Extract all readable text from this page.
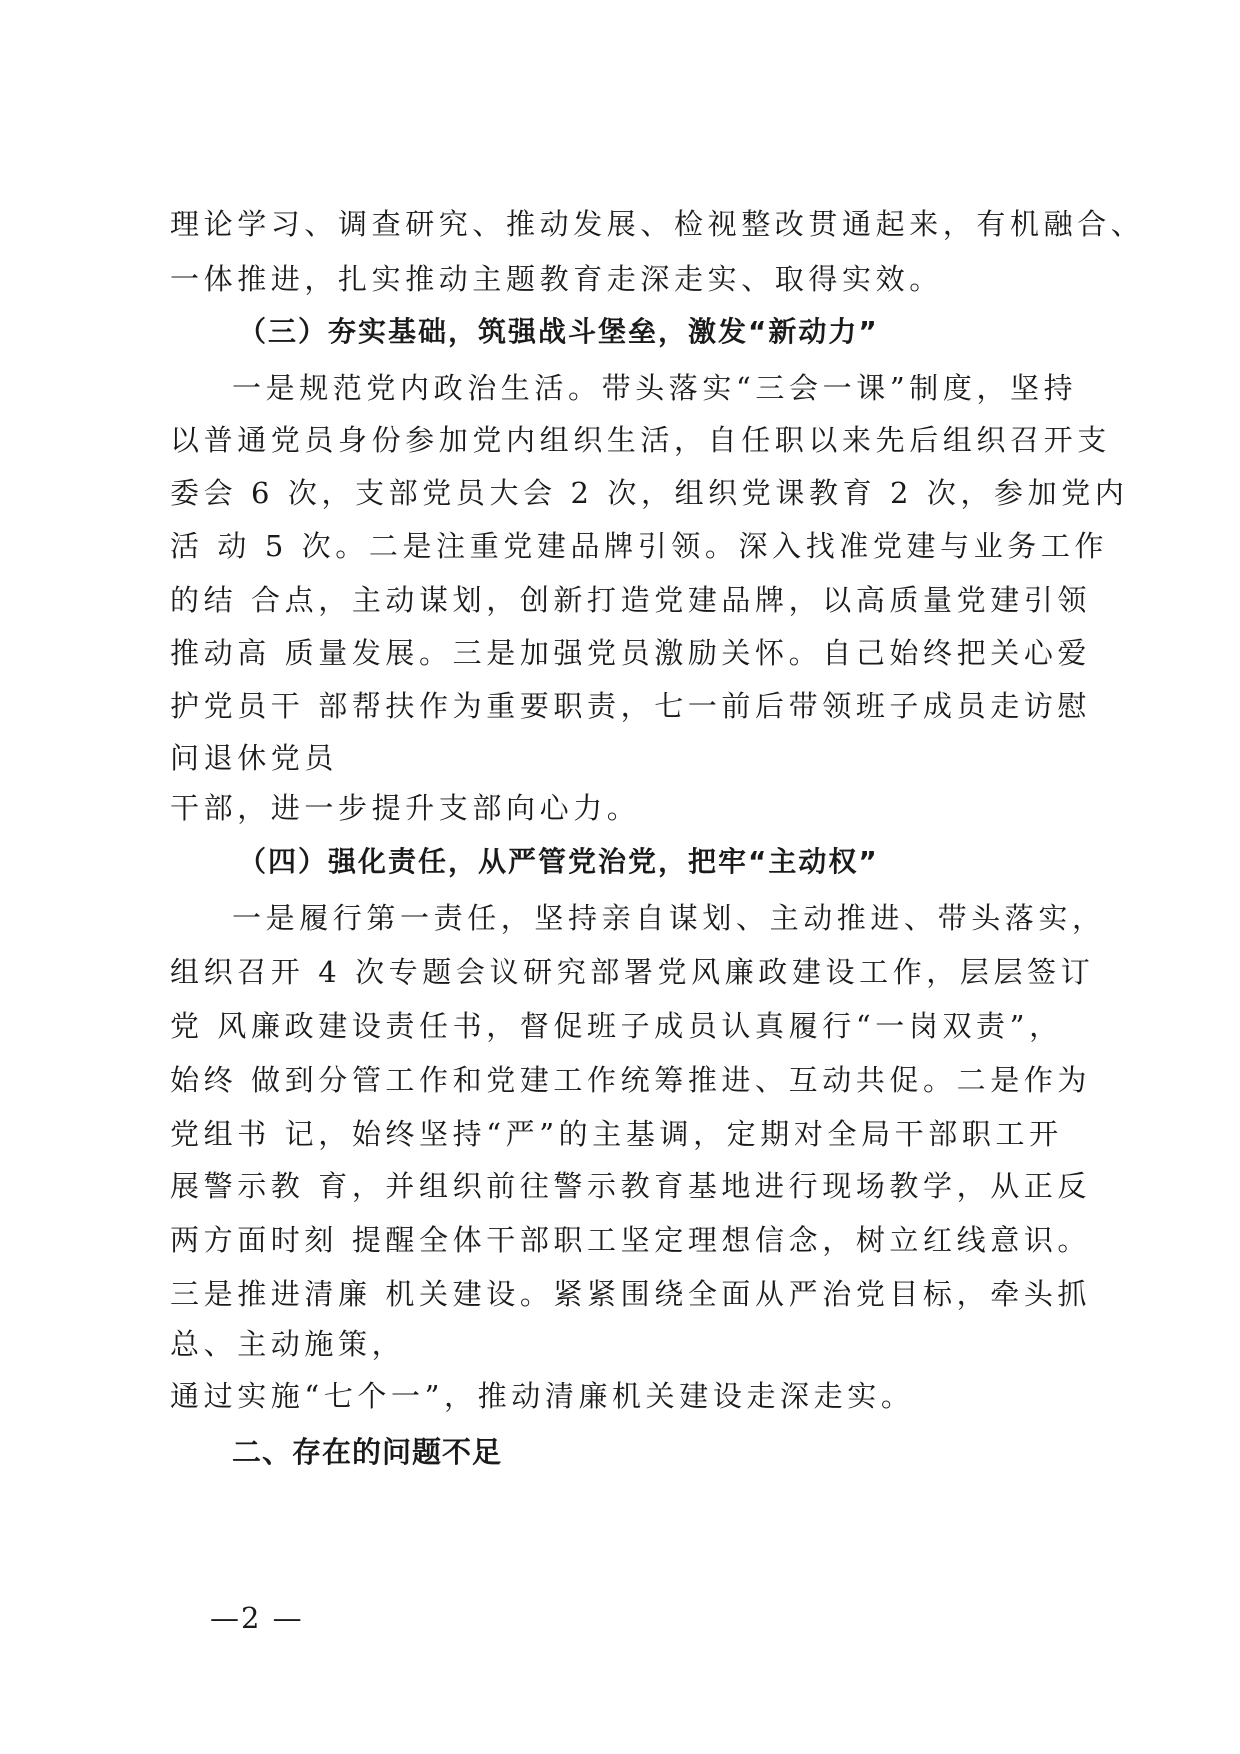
理论学习、调查研究、推动发展、检视整改贯通起来，有机融合、
一体推进，扎实推动主题教育走深走实、取得实效。
（三）夯实基础，筑强战斗堡垒，激发“新动力”
一是规范党内政治生活。带头落实“三会一课”制度，坚持
以普通党员身份参加党内组织生活，自任职以来先后组织召开支
委会 6 次，支部党员大会 2 次，组织党课教育 2 次，参加党内
活 动 5 次。二是注重党建品牌引领。深入找准党建与业务工作
的结 合点，主动谋划，创新打造党建品牌，以高质量党建引领
推动高 质量发展。三是加强党员激励关怀。自己始终把关心爱
护党员干 部帮扶作为重要职责，七一前后带领班子成员走访慰
问退休党员
干部，进一步提升支部向心力。
（四）强化责任，从严管党治党，把牢“主动权”
一是履行第一责任，坚持亲自谋划、主动推进、带头落实，
组织召开 4 次专题会议研究部署党风廉政建设工作，层层签订
党 风廉政建设责任书，督促班子成员认真履行“一岗双责”，
始终 做到分管工作和党建工作统筹推进、互动共促。二是作为
党组书 记，始终坚持“严”的主基调，定期对全局干部职工开
展警示教 育，并组织前往警示教育基地进行现场教学，从正反
两方面时刻 提醒全体干部职工坚定理想信念，树立红线意识。
三是推进清廉 机关建设。紧紧围绕全面从严治党目标，牵头抓
总、主动施策，
通过实施“七个一”，推动清廉机关建设走深走实。
二、存在的问题不足
—2 —
